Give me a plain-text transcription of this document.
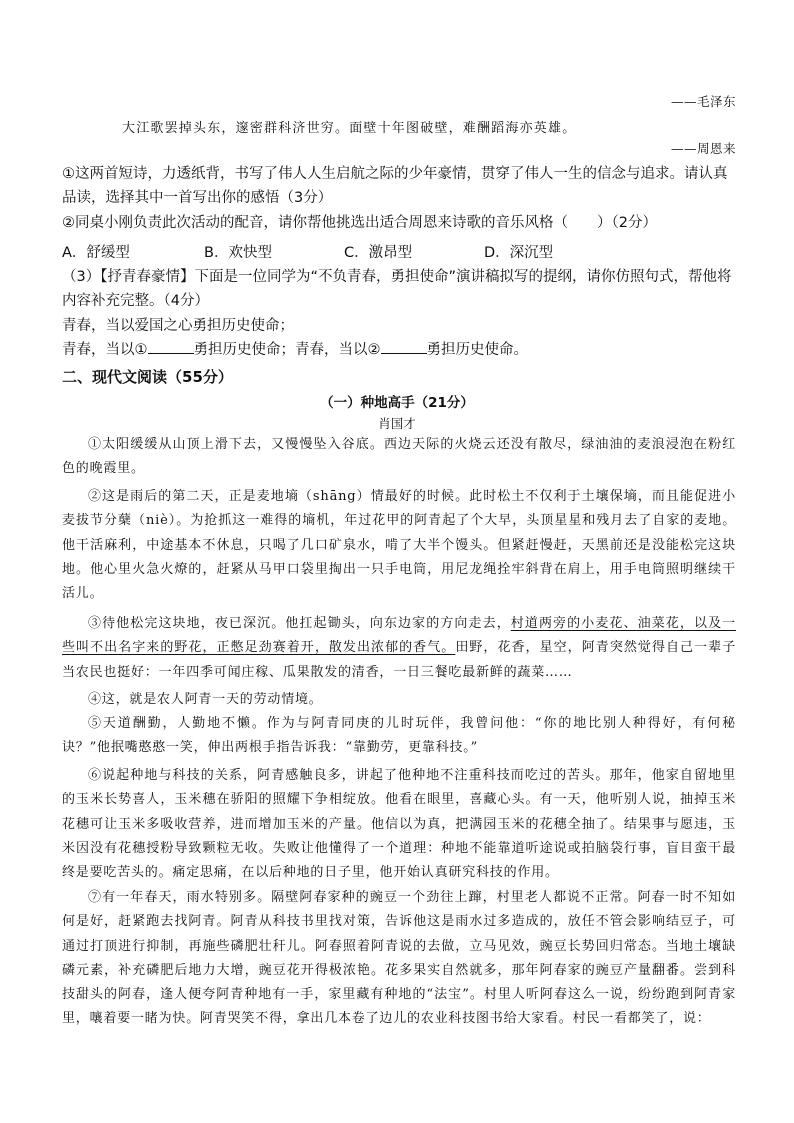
——毛泽东
大江歌罢掉头东，邃密群科济世穷。面壁十年图破壁，难酬蹈海亦英雄。
——周恩来
①这两首短诗，力透纸背，书写了伟人人生启航之际的少年豪情，贯穿了伟人一生的信念与追求。请认真品读，选择其中一首写出你的感悟（3分）
②同桌小刚负责此次活动的配音，请你帮他挑选出适合周恩来诗歌的音乐风格（　　）（2分）
A．舒缓型	B．欢快型	C．激昂型	D．深沉型
（3）【抒青春豪情】下面是一位同学为“不负青春，勇担使命”演讲稿拟写的提纲，请你仿照句式，帮他将内容补充完整。（4分）
青春，当以爱国之心勇担历史使命；
青春，当以①	勇担历史使命；青春，当以②	勇担历史使命。
二、现代文阅读（55分）
（一）种地高手（21分）
肖国才
①太阳缓缓从山顶上滑下去，又慢慢坠入谷底。西边天际的火烧云还没有散尽，绿油油的麦浪浸泡在粉红色的晚霞里。
②这是雨后的第二天，正是麦地墒（shāng）情最好的时候。此时松土不仅利于土壤保墒，而且能促进小麦拔节分蘖（niè）。为抢抓这一难得的墒机，年过花甲的阿青起了个大早，头顶星星和残月去了自家的麦地。他干活麻利，中途基本不休息，只喝了几口矿泉水，啃了大半个馒头。但紧赶慢赶，天黑前还是没能松完这块地。他心里火急火燎的，赶紧从马甲口袋里掏出一只手电筒，用尼龙绳拴牢斜背在肩上，用手电筒照明继续干活儿。
③待他松完这块地，夜已深沉。他扛起锄头，向东边家的方向走去，村道两旁的小麦花、油菜花，以及一些叫不出名字来的野花，正憋足劲赛着开，散发出浓郁的香气。田野，花香，星空，阿青突然觉得自己一辈子当农民也挺好：一年四季可闻庄稼、瓜果散发的清香，一日三餐吃最新鲜的蔬菜……
④这，就是农人阿青一天的劳动情境。
⑤天道酬勤，人勤地不懒。作为与阿青同庚的儿时玩伴，我曾问他：“你的地比别人种得好，有何秘诀？”他抿嘴憨憨一笑，伸出两根手指告诉我：“靠勤劳，更靠科技。”
⑥说起种地与科技的关系，阿青感触良多，讲起了他种地不注重科技而吃过的苦头。那年，他家自留地里的玉米长势喜人，玉米穗在骄阳的照耀下争相绽放。他看在眼里，喜藏心头。有一天，他听别人说，抽掉玉米花穗可让玉米多吸收营养，进而增加玉米的产量。他信以为真，把满园玉米的花穗全抽了。结果事与愿违，玉米因没有花穗授粉导致颗粒无收。失败让他懂得了一个道理：种地不能靠道听途说或拍脑袋行事，盲目蛮干最终是要吃苦头的。痛定思痛，在以后种地的日子里，他开始认真研究科技的作用。
⑦有一年春天，雨水特别多。隔壁阿春家种的豌豆一个劲往上蹿，村里老人都说不正常。阿春一时不知如何是好，赶紧跑去找阿青。阿青从科技书里找对策，告诉他这是雨水过多造成的，放任不管会影响结豆子，可通过打顶进行抑制，再施些磷肥壮秆儿。阿春照着阿青说的去做，立马见效，豌豆长势回归常态。当地土壤缺磷元素，补充磷肥后地力大增，豌豆花开得极浓艳。花多果实自然就多，那年阿春家的豌豆产量翻番。尝到科技甜头的阿春，逢人便夸阿青种地有一手，家里藏有种地的“法宝”。村里人听阿春这么一说，纷纷跑到阿青家里，嚷着要一睹为快。阿青哭笑不得，拿出几本卷了边儿的农业科技图书给大家看。村民一看都笑了，说：
